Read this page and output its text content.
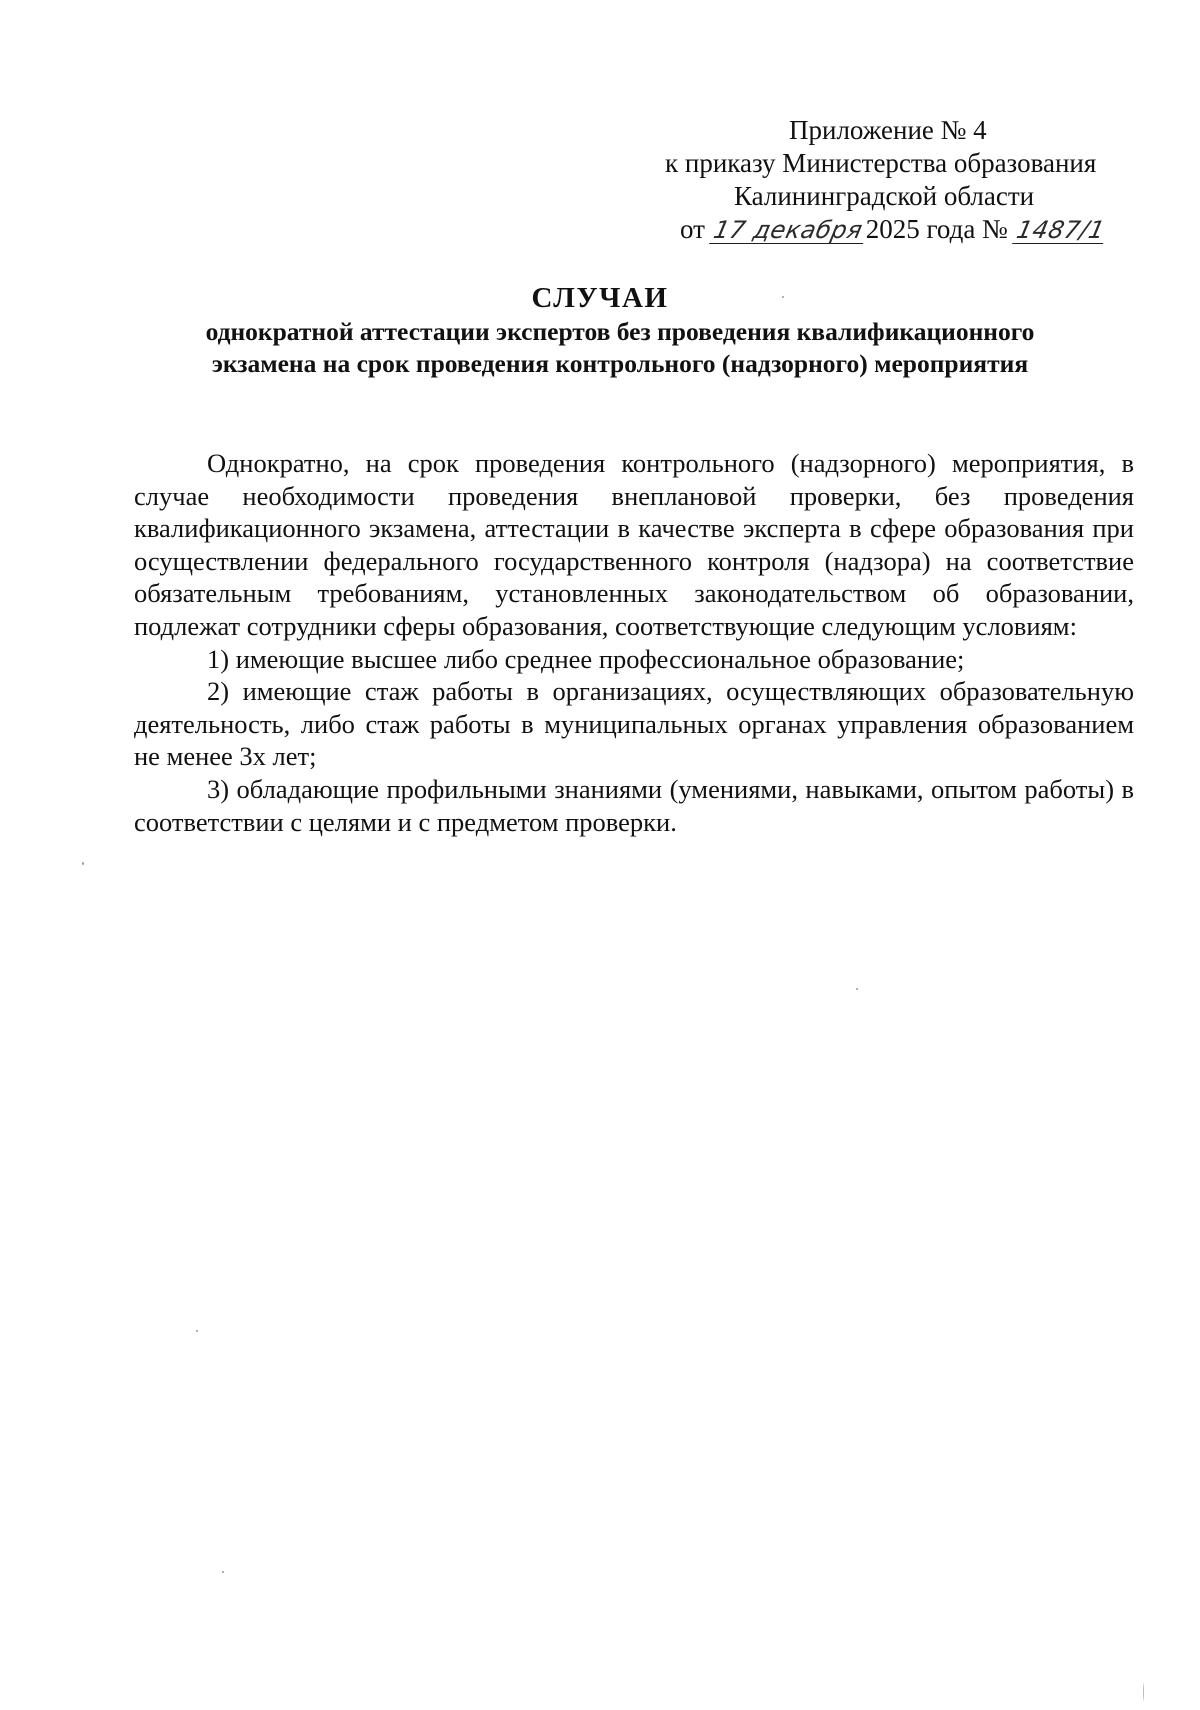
Приложение № 4
к приказу Министерства образования
Калининградской области
от 17 декабря2025 года № 1487/1
СЛУЧАИ
однократной аттестации экспертов без проведения квалификационного
экзамена на срок проведения контрольного (надзорного) мероприятия

Однократно, на срок проведения контрольного (надзорного) мероприятия, в случае необходимости проведения внеплановой проверки, без проведения квалификационного экзамена, аттестации в качестве эксперта в сфере образования при осуществлении федерального государственного контроля (надзора) на соответствие обязательным требованиям, установленных законодательством об образовании, подлежат сотрудники сферы образования, соответствующие следующим условиям:

1) имеющие высшее либо среднее профессиональное образование;

2) имеющие стаж работы в организациях, осуществляющих образовательную деятельность, либо стаж работы в муниципальных органах управления образованием не менее 3х лет;

3) обладающие профильными знаниями (умениями, навыками, опытом работы) в соответствии с целями и с предметом проверки.
